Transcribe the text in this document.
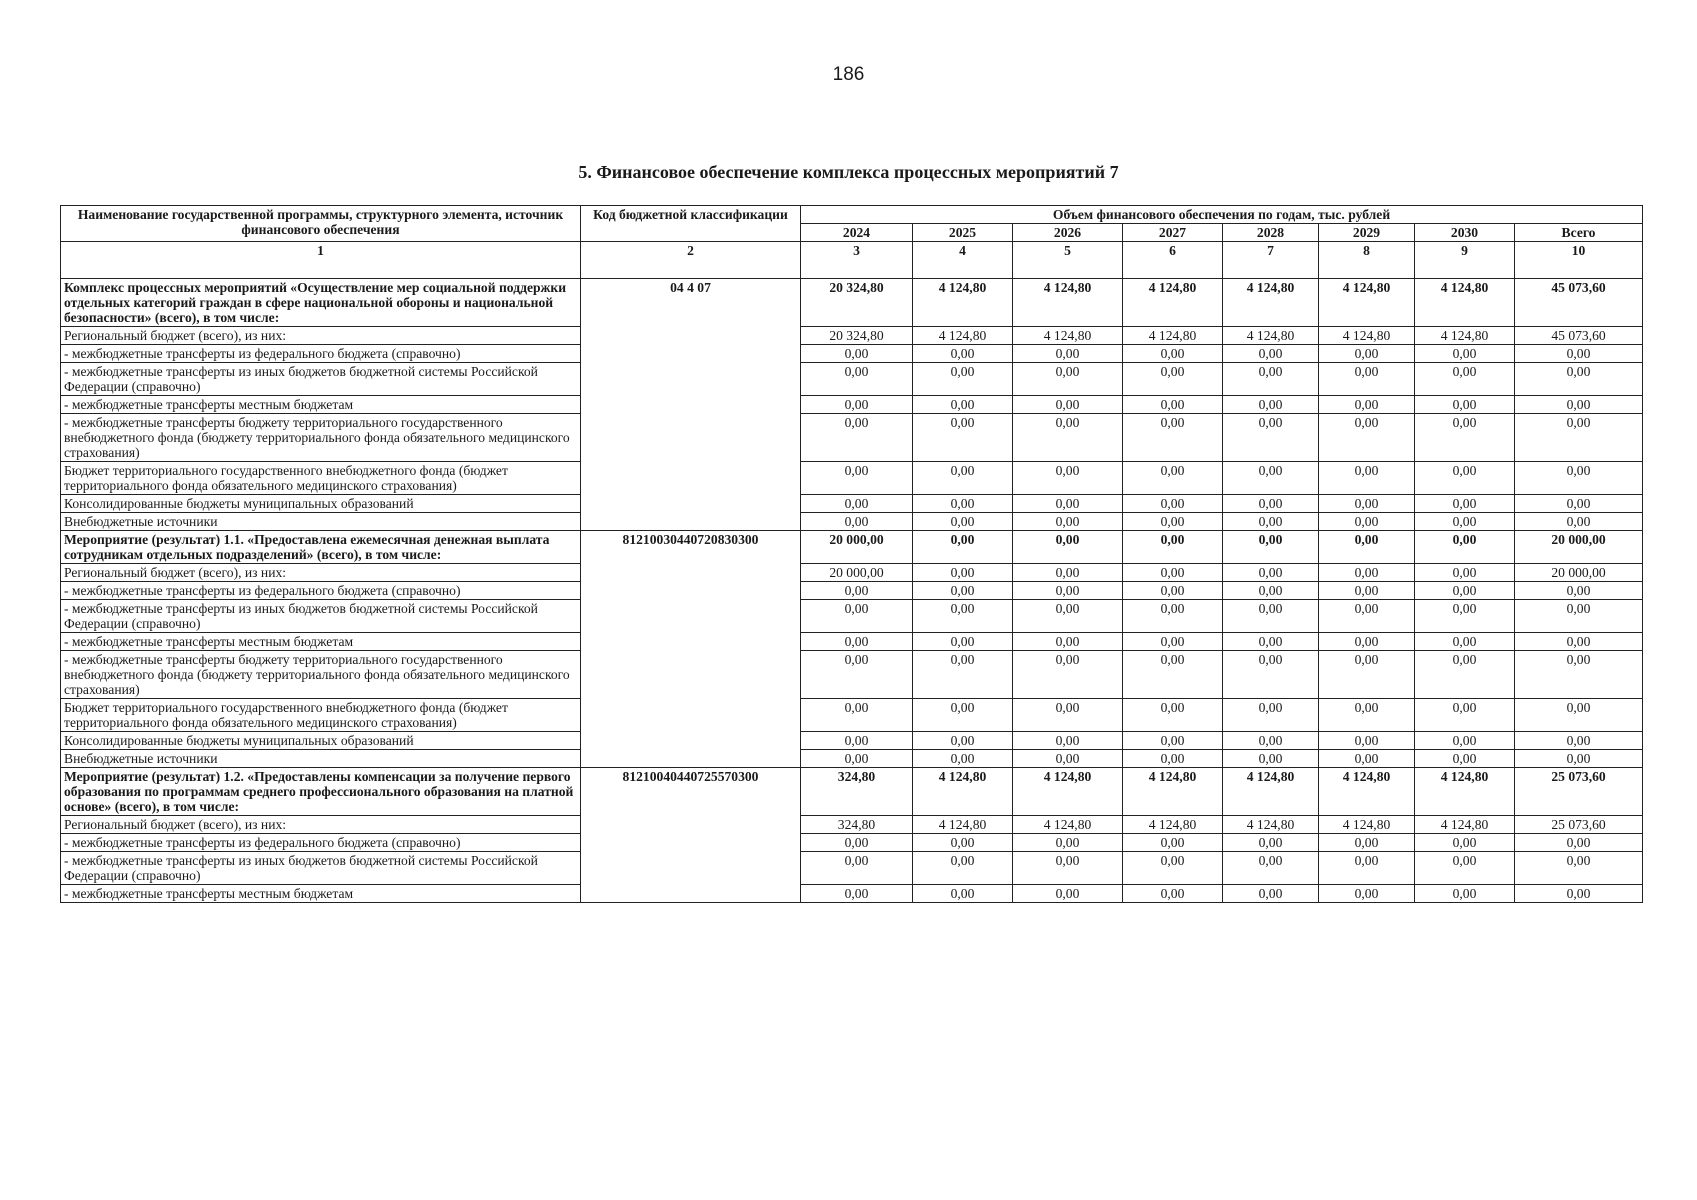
186
5. Финансовое обеспечение комплекса процессных мероприятий 7
Наименование государственной программы, структурного элемента, источник финансового обеспечения	Код бюджетной классификации	Объем финансового обеспечения по годам, тыс. рублей							
		2024	2025	2026	2027	2028	2029	2030	Всего
1	2	3	4	5	6	7	8	9	10
Комплекс процессных мероприятий «Осуществление мер социальной поддержки отдельных категорий граждан в сфере национальной обороны и национальной безопасности» (всего), в том числе:	04 4 07	20 324,80	4 124,80	4 124,80	4 124,80	4 124,80	4 124,80	4 124,80	45 073,60
Региональный бюджет (всего), из них:		20 324,80	4 124,80	4 124,80	4 124,80	4 124,80	4 124,80	4 124,80	45 073,60
- межбюджетные трансферты из федерального бюджета (справочно)		0,00	0,00	0,00	0,00	0,00	0,00	0,00	0,00
- межбюджетные трансферты из иных бюджетов бюджетной системы Российской Федерации (справочно)		0,00	0,00	0,00	0,00	0,00	0,00	0,00	0,00
- межбюджетные трансферты местным бюджетам		0,00	0,00	0,00	0,00	0,00	0,00	0,00	0,00
- межбюджетные трансферты бюджету территориального государственного внебюджетного фонда (бюджету территориального фонда обязательного медицинского страхования)		0,00	0,00	0,00	0,00	0,00	0,00	0,00	0,00
Бюджет территориального государственного внебюджетного фонда (бюджет территориального фонда обязательного медицинского страхования)		0,00	0,00	0,00	0,00	0,00	0,00	0,00	0,00
Консолидированные бюджеты муниципальных образований		0,00	0,00	0,00	0,00	0,00	0,00	0,00	0,00
Внебюджетные источники		0,00	0,00	0,00	0,00	0,00	0,00	0,00	0,00
Мероприятие (результат) 1.1. «Предоставлена ежемесячная денежная выплата сотрудникам отдельных подразделений» (всего), в том числе:	81210030440720830300	20 000,00	0,00	0,00	0,00	0,00	0,00	0,00	20 000,00
Региональный бюджет (всего), из них:		20 000,00	0,00	0,00	0,00	0,00	0,00	0,00	20 000,00
- межбюджетные трансферты из федерального бюджета (справочно)		0,00	0,00	0,00	0,00	0,00	0,00	0,00	0,00
- межбюджетные трансферты из иных бюджетов бюджетной системы Российской Федерации (справочно)		0,00	0,00	0,00	0,00	0,00	0,00	0,00	0,00
- межбюджетные трансферты местным бюджетам		0,00	0,00	0,00	0,00	0,00	0,00	0,00	0,00
- межбюджетные трансферты бюджету территориального государственного внебюджетного фонда (бюджету территориального фонда обязательного медицинского страхования)		0,00	0,00	0,00	0,00	0,00	0,00	0,00	0,00
Бюджет территориального государственного внебюджетного фонда (бюджет территориального фонда обязательного медицинского страхования)		0,00	0,00	0,00	0,00	0,00	0,00	0,00	0,00
Консолидированные бюджеты муниципальных образований		0,00	0,00	0,00	0,00	0,00	0,00	0,00	0,00
Внебюджетные источники		0,00	0,00	0,00	0,00	0,00	0,00	0,00	0,00
Мероприятие (результат) 1.2. «Предоставлены компенсации за получение первого образования по программам среднего профессионального образования на платной основе» (всего), в том числе:	81210040440725570300	324,80	4 124,80	4 124,80	4 124,80	4 124,80	4 124,80	4 124,80	25 073,60
Региональный бюджет (всего), из них:		324,80	4 124,80	4 124,80	4 124,80	4 124,80	4 124,80	4 124,80	25 073,60
- межбюджетные трансферты из федерального бюджета (справочно)		0,00	0,00	0,00	0,00	0,00	0,00	0,00	0,00
- межбюджетные трансферты из иных бюджетов бюджетной системы Российской Федерации (справочно)		0,00	0,00	0,00	0,00	0,00	0,00	0,00	0,00
- межбюджетные трансферты местным бюджетам		0,00	0,00	0,00	0,00	0,00	0,00	0,00	0,00
